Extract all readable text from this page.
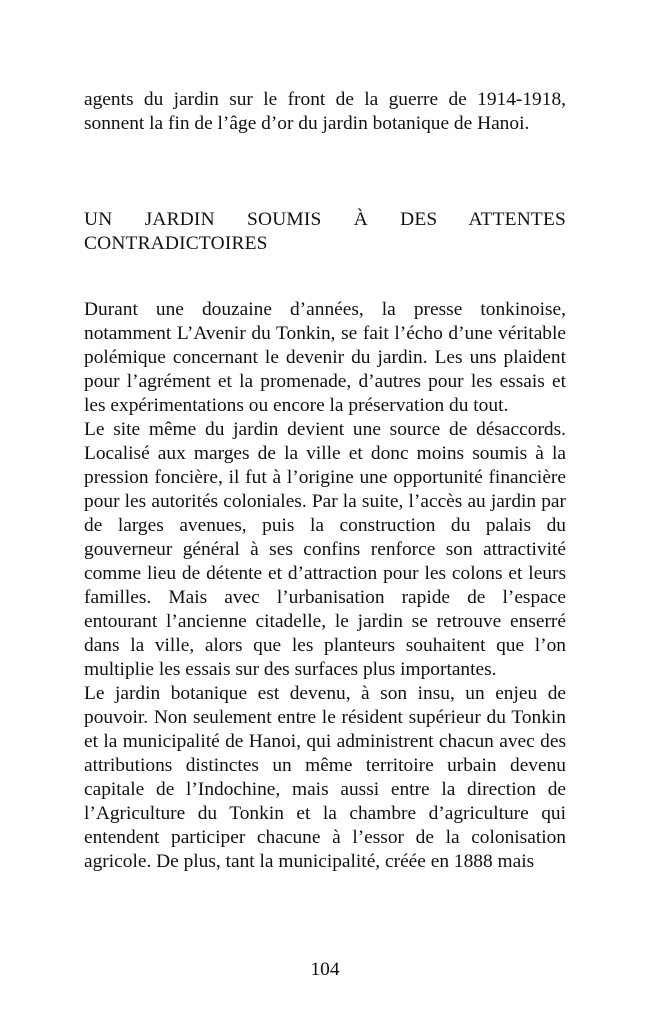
agents du jardin sur le front de la guerre de 1914-1918, sonnent la fin de l’âge d’or du jardin botanique de Hanoi.

UN JARDIN SOUMIS À DES ATTENTES CONTRADICTOIRES

Durant une douzaine d’années, la presse tonkinoise, notamment L’Avenir du Tonkin, se fait l’écho d’une véritable polémique concernant le devenir du jardin. Les uns plaident pour l’agrément et la promenade, d’autres pour les essais et les expérimentations ou encore la préservation du tout.

Le site même du jardin devient une source de désaccords. Localisé aux marges de la ville et donc moins soumis à la pression foncière, il fut à l’origine une opportunité financière pour les autorités coloniales. Par la suite, l’accès au jardin par de larges avenues, puis la construction du palais du gouverneur général à ses confins renforce son attractivité comme lieu de détente et d’attraction pour les colons et leurs familles. Mais avec l’urbanisation rapide de l’espace entourant l’ancienne citadelle, le jardin se retrouve enserré dans la ville, alors que les planteurs souhaitent que l’on multiplie les essais sur des surfaces plus importantes.

Le jardin botanique est devenu, à son insu, un enjeu de pouvoir. Non seulement entre le résident supérieur du Tonkin et la municipalité de Hanoi, qui administrent chacun avec des attributions distinctes un même territoire urbain devenu capitale de l’Indochine, mais aussi entre la direction de l’Agriculture du Tonkin et la chambre d’agriculture qui entendent participer chacune à l’essor de la colonisation agricole. De plus, tant la municipalité, créée en 1888 mais

104
